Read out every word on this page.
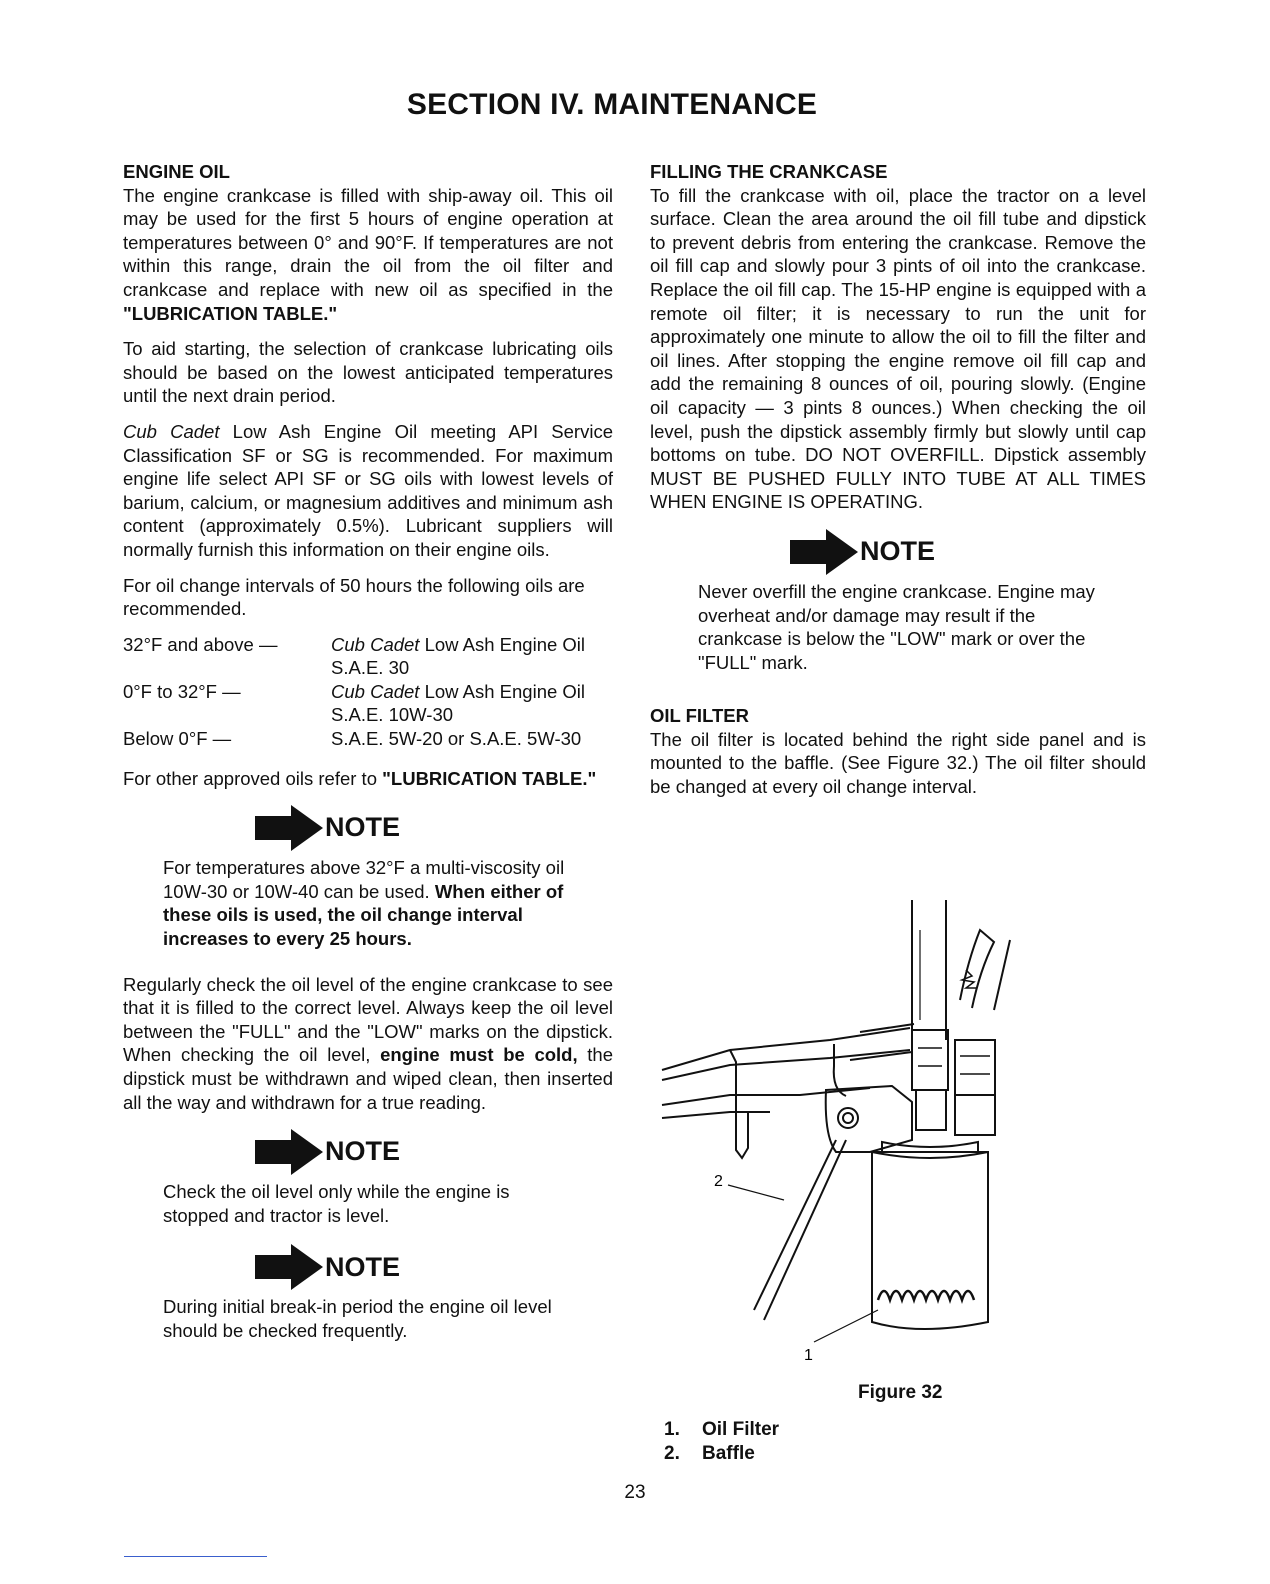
SECTION IV. MAINTENANCE
ENGINE OIL

The engine crankcase is filled with ship-away oil. This oil may be used for the first 5 hours of engine operation at temperatures between 0° and 90°F. If temperatures are not within this range, drain the oil from the oil filter and crankcase and replace with new oil as specified in the "LUBRICATION TABLE."

To aid starting, the selection of crankcase lubricating oils should be based on the lowest anticipated temperatures until the next drain period.

Cub Cadet Low Ash Engine Oil meeting API Service Classification SF or SG is recommended. For maximum engine life select API SF or SG oils with lowest levels of barium, calcium, or magnesium additives and minimum ash content (approximately 0.5%). Lubricant suppliers will normally furnish this information on their engine oils.

For oil change intervals of 50 hours the following oils are recommended.

32°F and above —	Cub Cadet Low Ash Engine Oil
S.A.E. 30
0°F to 32°F —	Cub Cadet Low Ash Engine Oil
S.A.E. 10W-30
Below 0°F —	S.A.E. 5W-20 or S.A.E. 5W-30

For other approved oils refer to "LUBRICATION TABLE."

NOTE

For temperatures above 32°F a multi-viscosity oil 10W-30 or 10W-40 can be used. When either of these oils is used, the oil change interval increases to every 25 hours.

Regularly check the oil level of the engine crankcase to see that it is filled to the correct level. Always keep the oil level between the "FULL" and the "LOW" marks on the dipstick. When checking the oil level, engine must be cold, the dipstick must be withdrawn and wiped clean, then inserted all the way and withdrawn for a true reading.

NOTE

Check the oil level only while the engine is stopped and tractor is level.

NOTE

During initial break-in period the engine oil level should be checked frequently.

FILLING THE CRANKCASE

To fill the crankcase with oil, place the tractor on a level surface. Clean the area around the oil fill tube and dipstick to prevent debris from entering the crankcase. Remove the oil fill cap and slowly pour 3 pints of oil into the crankcase. Replace the oil fill cap. The 15-HP engine is equipped with a remote oil filter; it is necessary to run the unit for approximately one minute to allow the oil to fill the filter and oil lines. After stopping the engine remove oil fill cap and add the remaining 8 ounces of oil, pouring slowly. (Engine oil capacity — 3 pints 8 ounces.) When checking the oil level, push the dipstick assembly firmly but slowly until cap bottoms on tube. DO NOT OVERFILL. Dipstick assembly MUST BE PUSHED FULLY INTO TUBE AT ALL TIMES WHEN ENGINE IS OPERATING.

NOTE

Never overfill the engine crankcase. Engine may overheat and/or damage may result if the crankcase is below the "LOW" mark or over the "FULL" mark.

OIL FILTER

The oil filter is located behind the right side panel and is mounted to the baffle. (See Figure 32.) The oil filter should be changed at every oil change interval.

2
1
Figure 32
1. Oil Filter
2. Baffle
23
